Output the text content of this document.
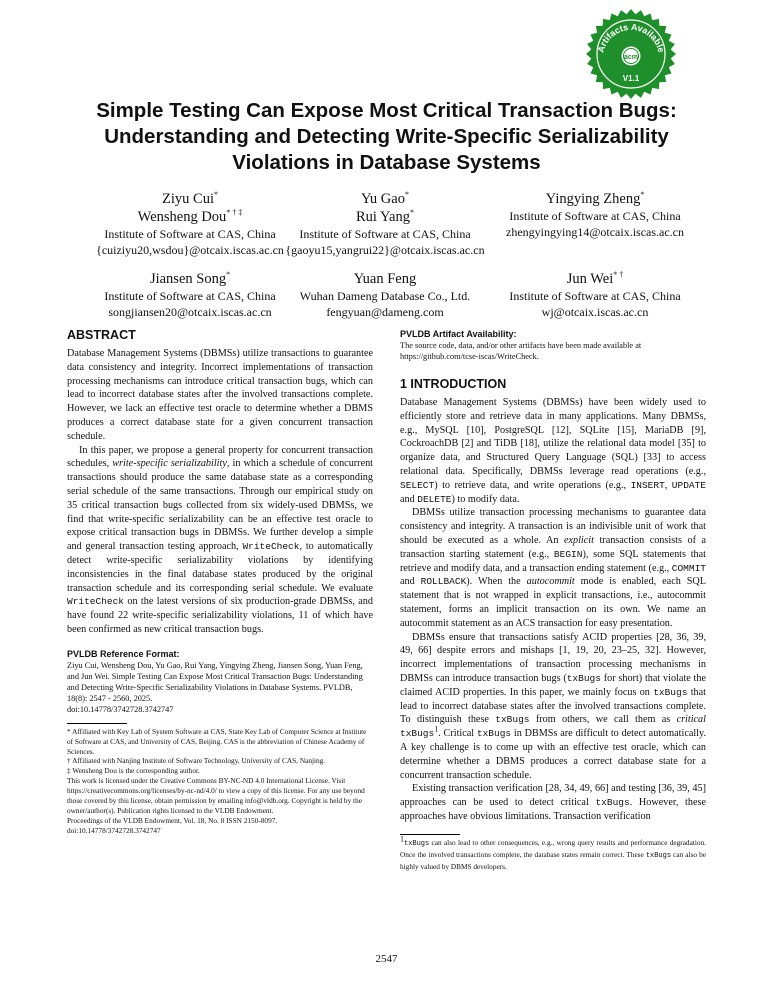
Artifacts Available
acm
V1.1
Simple Testing Can Expose Most Critical Transaction Bugs:
Understanding and Detecting Write-Specific Serializability
Violations in Database Systems
Ziyu Cui*
Wensheng Dou* † ‡
Institute of Software at CAS, China
{cuiziyu20,wsdou}@otcaix.iscas.ac.cn
Yu Gao*
Rui Yang*
Institute of Software at CAS, China
{gaoyu15,yangrui22}@otcaix.iscas.ac.cn
Yingying Zheng*
Institute of Software at CAS, China
zhengyingying14@otcaix.iscas.ac.cn
Jiansen Song*
Institute of Software at CAS, China
songjiansen20@otcaix.iscas.ac.cn
Yuan Feng
Wuhan Dameng Database Co., Ltd.
fengyuan@dameng.com
Jun Wei* †
Institute of Software at CAS, China
wj@otcaix.iscas.ac.cn
ABSTRACT

Database Management Systems (DBMSs) utilize transactions to guarantee data consistency and integrity. Incorrect implementations of transaction processing mechanisms can introduce critical transaction bugs, which can lead to incorrect database states after the involved transactions complete. However, we lack an effective test oracle to determine whether a DBMS produces a correct database state for a given concurrent transaction schedule.

In this paper, we propose a general property for concurrent transaction schedules, write-specific serializability, in which a schedule of concurrent transactions should produce the same database state as a corresponding serial schedule of the same transactions. Through our empirical study on 35 critical transaction bugs collected from six widely-used DBMSs, we find that write-specific serializability can be an effective test oracle to expose critical transaction bugs in DBMSs. We further develop a simple and general transaction testing approach, WriteCheck, to automatically detect write-specific serializability violations by identifying inconsistencies in the final database states produced by the original transaction schedule and its corresponding serial schedule. We evaluate WriteCheck on the latest versions of six production-grade DBMSs, and have found 22 write-specific serializability violations, 11 of which have been confirmed as new critical transaction bugs.

PVLDB Reference Format:

Ziyu Cui, Wensheng Dou, Yu Gao, Rui Yang, Yingying Zheng, Jiansen Song, Yuan Feng, and Jun Wei. Simple Testing Can Expose Most Critical Transaction Bugs: Understanding and Detecting Write-Specific Serializability Violations in Database Systems. PVLDB, 18(8): 2547 - 2560, 2025.

doi:10.14778/3742728.3742747

* Affiliated with Key Lab of System Software at CAS, State Key Lab of Computer Science at Institute of Software at CAS, and University of CAS, Beijing. CAS is the abbreviation of Chinese Academy of Sciences.

† Affiliated with Nanjing Institute of Software Technology, University of CAS, Nanjing.

‡ Wensheng Dou is the corresponding author.

This work is licensed under the Creative Commons BY-NC-ND 4.0 International License. Visit https://creativecommons.org/licenses/by-nc-nd/4.0/ to view a copy of this license. For any use beyond those covered by this license, obtain permission by emailing info@vldb.org. Copyright is held by the owner/author(s). Publication rights licensed to the VLDB Endowment.

Proceedings of the VLDB Endowment, Vol. 18, No. 8 ISSN 2150-8097.

doi:10.14778/3742728.3742747

PVLDB Artifact Availability:

The source code, data, and/or other artifacts have been made available at https://github.com/tcse-iscas/WriteCheck.

1 INTRODUCTION

Database Management Systems (DBMSs) have been widely used to efficiently store and retrieve data in many applications. Many DBMSs, e.g., MySQL [10], PostgreSQL [12], SQLite [15], MariaDB [9], CockroachDB [2] and TiDB [18], utilize the relational data model [35] to organize data, and Structured Query Language (SQL) [33] to access relational data. Specifically, DBMSs leverage read operations (e.g., SELECT) to retrieve data, and write operations (e.g., INSERT, UPDATE and DELETE) to modify data.

DBMSs utilize transaction processing mechanisms to guarantee data consistency and integrity. A transaction is an indivisible unit of work that should be executed as a whole. An explicit transaction consists of a transaction starting statement (e.g., BEGIN), some SQL statements that retrieve and modify data, and a transaction ending statement (e.g., COMMIT and ROLLBACK). When the autocommit mode is enabled, each SQL statement that is not wrapped in explicit transactions, i.e., autocommit statement, forms an implicit transaction on its own. We name an autocommit statement as an ACS transaction for easy presentation.

DBMSs ensure that transactions satisfy ACID properties [28, 36, 39, 49, 66] despite errors and mishaps [1, 19, 20, 23–25, 32]. However, incorrect implementations of transaction processing mechanisms in DBMSs can introduce transaction bugs (txBugs for short) that violate the claimed ACID properties. In this paper, we mainly focus on txBugs that lead to incorrect database states after the involved transactions complete. To distinguish these txBugs from others, we call them as critical txBugs$^1$. Critical txBugs in DBMSs are difficult to detect automatically. A key challenge is to come up with an effective test oracle, which can determine whether a DBMS produces a correct database state for a concurrent transaction schedule.

Existing transaction verification [28, 34, 49, 66] and testing [36, 39, 45] approaches can be used to detect critical txBugs. However, these approaches have obvious limitations. Transaction verification

$^1$txBugs can also lead to other consequences, e.g., wrong query results and performance degradation. Once the involved transactions complete, the database states remain correct. These txBugs can also be highly valued by DBMS developers.

2547
